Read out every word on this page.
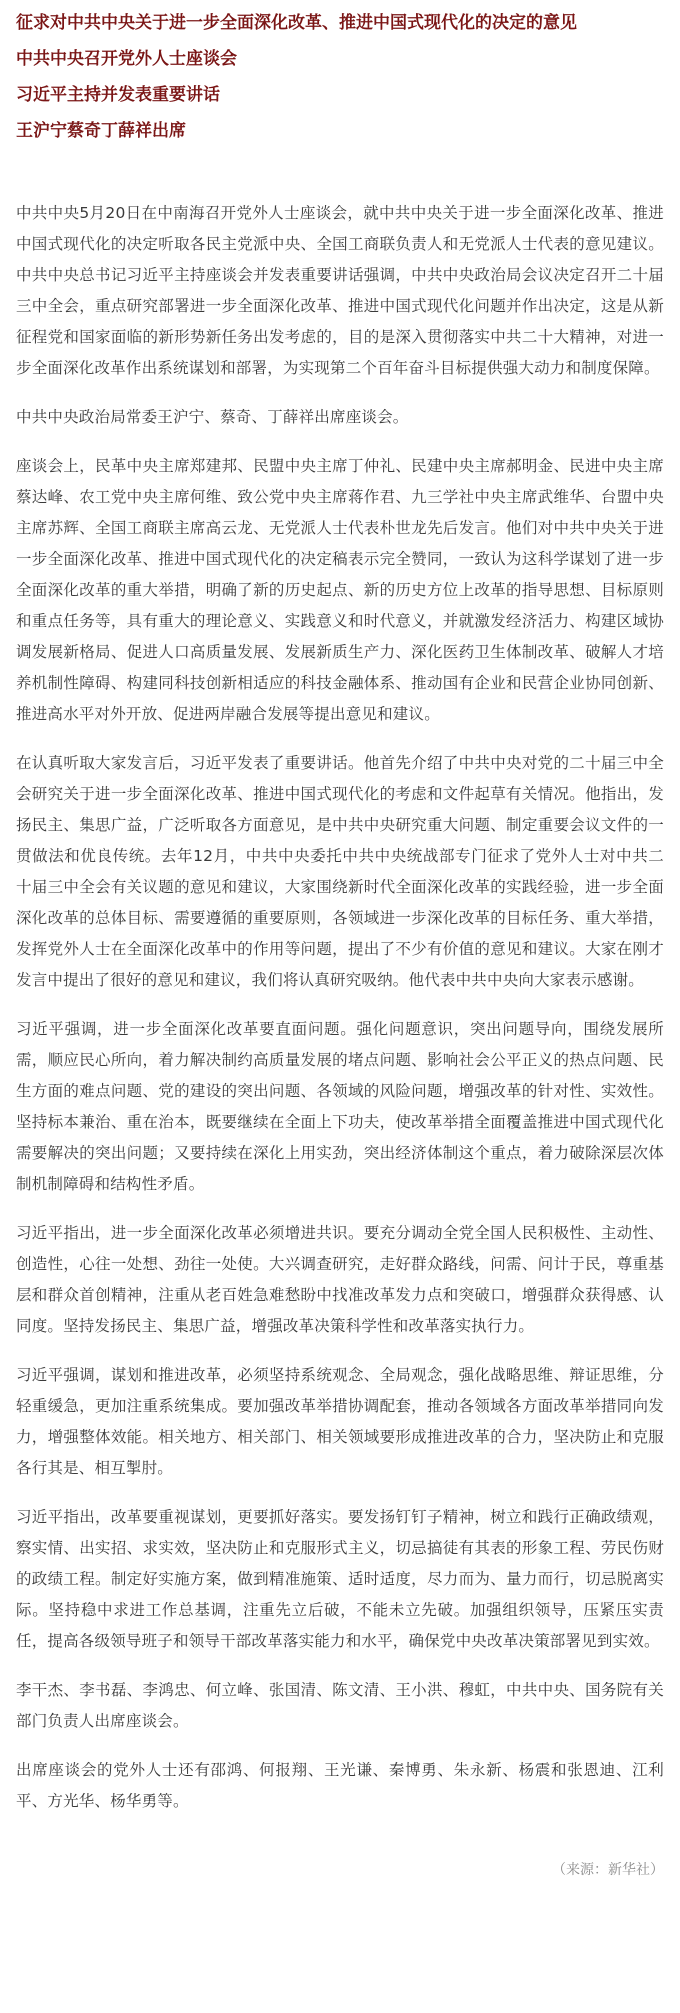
征求对中共中央关于进一步全面深化改革、推进中国式现代化的决定的意见

中共中央召开党外人士座谈会

习近平主持并发表重要讲话

王沪宁蔡奇丁薛祥出席

中共中央5月20日在中南海召开党外人士座谈会，就中共中央关于进一步全面深化改革、推进中国式现代化的决定听取各民主党派中央、全国工商联负责人和无党派人士代表的意见建议。中共中央总书记习近平主持座谈会并发表重要讲话强调，中共中央政治局会议决定召开二十届三中全会，重点研究部署进一步全面深化改革、推进中国式现代化问题并作出决定，这是从新征程党和国家面临的新形势新任务出发考虑的，目的是深入贯彻落实中共二十大精神，对进一步全面深化改革作出系统谋划和部署，为实现第二个百年奋斗目标提供强大动力和制度保障。

中共中央政治局常委王沪宁、蔡奇、丁薛祥出席座谈会。

座谈会上，民革中央主席郑建邦、民盟中央主席丁仲礼、民建中央主席郝明金、民进中央主席蔡达峰、农工党中央主席何维、致公党中央主席蒋作君、九三学社中央主席武维华、台盟中央主席苏辉、全国工商联主席高云龙、无党派人士代表朴世龙先后发言。他们对中共中央关于进一步全面深化改革、推进中国式现代化的决定稿表示完全赞同，一致认为这科学谋划了进一步全面深化改革的重大举措，明确了新的历史起点、新的历史方位上改革的指导思想、目标原则和重点任务等，具有重大的理论意义、实践意义和时代意义，并就激发经济活力、构建区域协调发展新格局、促进人口高质量发展、发展新质生产力、深化医药卫生体制改革、破解人才培养机制性障碍、构建同科技创新相适应的科技金融体系、推动国有企业和民营企业协同创新、推进高水平对外开放、促进两岸融合发展等提出意见和建议。

在认真听取大家发言后，习近平发表了重要讲话。他首先介绍了中共中央对党的二十届三中全会研究关于进一步全面深化改革、推进中国式现代化的考虑和文件起草有关情况。他指出，发扬民主、集思广益，广泛听取各方面意见，是中共中央研究重大问题、制定重要会议文件的一贯做法和优良传统。去年12月，中共中央委托中共中央统战部专门征求了党外人士对中共二十届三中全会有关议题的意见和建议，大家围绕新时代全面深化改革的实践经验，进一步全面深化改革的总体目标、需要遵循的重要原则，各领域进一步深化改革的目标任务、重大举措，发挥党外人士在全面深化改革中的作用等问题，提出了不少有价值的意见和建议。大家在刚才发言中提出了很好的意见和建议，我们将认真研究吸纳。他代表中共中央向大家表示感谢。

习近平强调，进一步全面深化改革要直面问题。强化问题意识，突出问题导向，围绕发展所需，顺应民心所向，着力解决制约高质量发展的堵点问题、影响社会公平正义的热点问题、民生方面的难点问题、党的建设的突出问题、各领域的风险问题，增强改革的针对性、实效性。坚持标本兼治、重在治本，既要继续在全面上下功夫，使改革举措全面覆盖推进中国式现代化需要解决的突出问题；又要持续在深化上用实劲，突出经济体制这个重点，着力破除深层次体制机制障碍和结构性矛盾。

习近平指出，进一步全面深化改革必须增进共识。要充分调动全党全国人民积极性、主动性、创造性，心往一处想、劲往一处使。大兴调查研究，走好群众路线，问需、问计于民，尊重基层和群众首创精神，注重从老百姓急难愁盼中找准改革发力点和突破口，增强群众获得感、认同度。坚持发扬民主、集思广益，增强改革决策科学性和改革落实执行力。

习近平强调，谋划和推进改革，必须坚持系统观念、全局观念，强化战略思维、辩证思维，分轻重缓急，更加注重系统集成。要加强改革举措协调配套，推动各领域各方面改革举措同向发力，增强整体效能。相关地方、相关部门、相关领域要形成推进改革的合力，坚决防止和克服各行其是、相互掣肘。

习近平指出，改革要重视谋划，更要抓好落实。要发扬钉钉子精神，树立和践行正确政绩观，察实情、出实招、求实效，坚决防止和克服形式主义，切忌搞徒有其表的形象工程、劳民伤财的政绩工程。制定好实施方案，做到精准施策、适时适度，尽力而为、量力而行，切忌脱离实际。坚持稳中求进工作总基调，注重先立后破，不能未立先破。加强组织领导，压紧压实责任，提高各级领导班子和领导干部改革落实能力和水平，确保党中央改革决策部署见到实效。

李干杰、李书磊、李鸿忠、何立峰、张国清、陈文清、王小洪、穆虹，中共中央、国务院有关部门负责人出席座谈会。

出席座谈会的党外人士还有邵鸿、何报翔、王光谦、秦博勇、朱永新、杨震和张恩迪、江利平、方光华、杨华勇等。

（来源：新华社）
